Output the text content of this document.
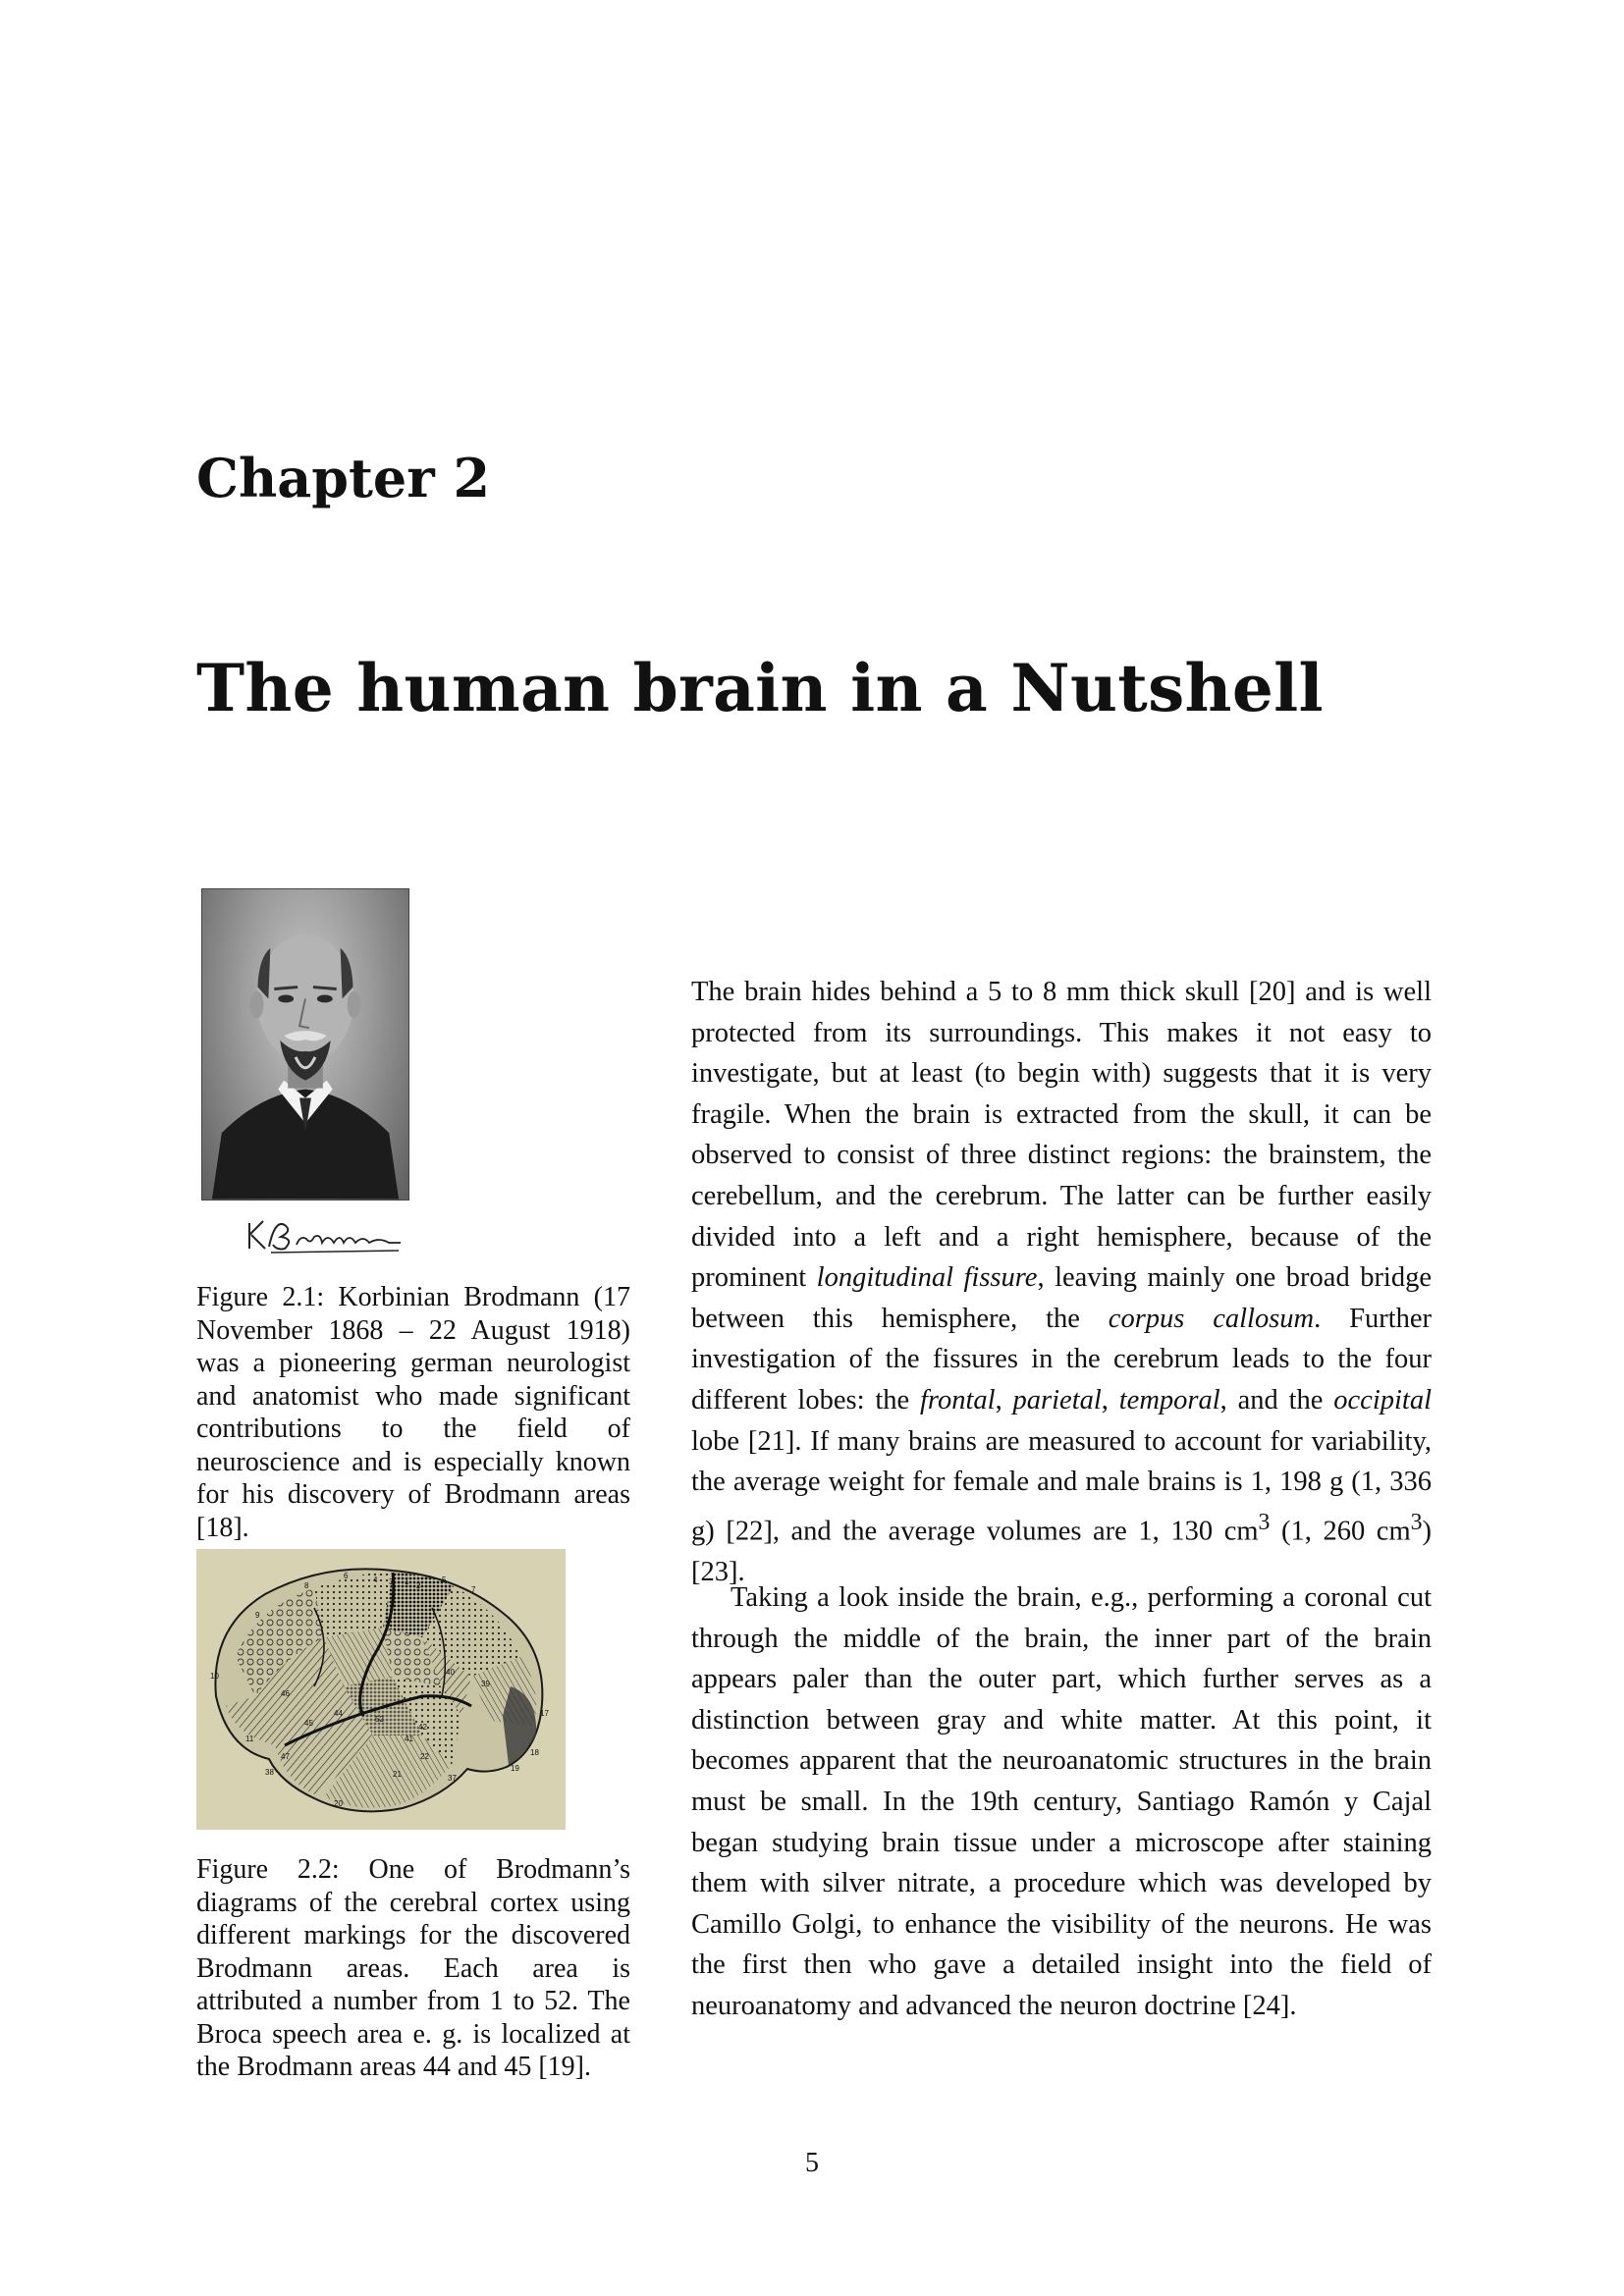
Chapter 2
The human brain in a Nutshell

Figure 2.1: Korbinian Brodmann (17 November 1868 – 22 August 1918) was a pioneering german neurologist and anatomist who made significant contributions to the field of neuroscience and is especially known for his discovery of Brodmann areas [18].

1 2
3
4	5
6
7
8
9
10
11
17
18
19
20
21
22
37
38
39
40
41
42
44
45
46
47
52

Figure 2.2: One of Brodmann’s diagrams of the cerebral cortex using different markings for the discovered Brodmann areas. Each area is attributed a number from 1 to 52. The Broca speech area e. g. is localized at the Brodmann areas 44 and 45 [19].

The brain hides behind a 5 to 8 mm thick skull [20] and is well protected from its surroundings. This makes it not easy to investigate, but at least (to begin with) suggests that it is very fragile. When the brain is extracted from the skull, it can be observed to consist of three distinct regions: the brainstem, the cerebellum, and the cerebrum. The latter can be further easily divided into a left and a right hemisphere, because of the prominent longitudinal fissure, leaving mainly one broad bridge between this hemisphere, the corpus callosum. Further investigation of the fissures in the cerebrum leads to the four different lobes: the frontal, parietal, temporal, and the occipital lobe [21]. If many brains are measured to account for variability, the average weight for female and male brains is 1, 198 g (1, 336 g) [22], and the average volumes are 1, 130 $cm^3$ (1, 260 $cm^3$) [23].

Taking a look inside the brain, e.g., performing a coronal cut through the middle of the brain, the inner part of the brain appears paler than the outer part, which further serves as a distinction between gray and white matter. At this point, it becomes apparent that the neuroanatomic structures in the brain must be small. In the 19th century, Santiago Ramón y Cajal began studying brain tissue under a microscope after staining them with silver nitrate, a procedure which was developed by Camillo Golgi, to enhance the visibility of the neurons. He was the first then who gave a detailed insight into the field of neuroanatomy and advanced the neuron doctrine [24].

5
